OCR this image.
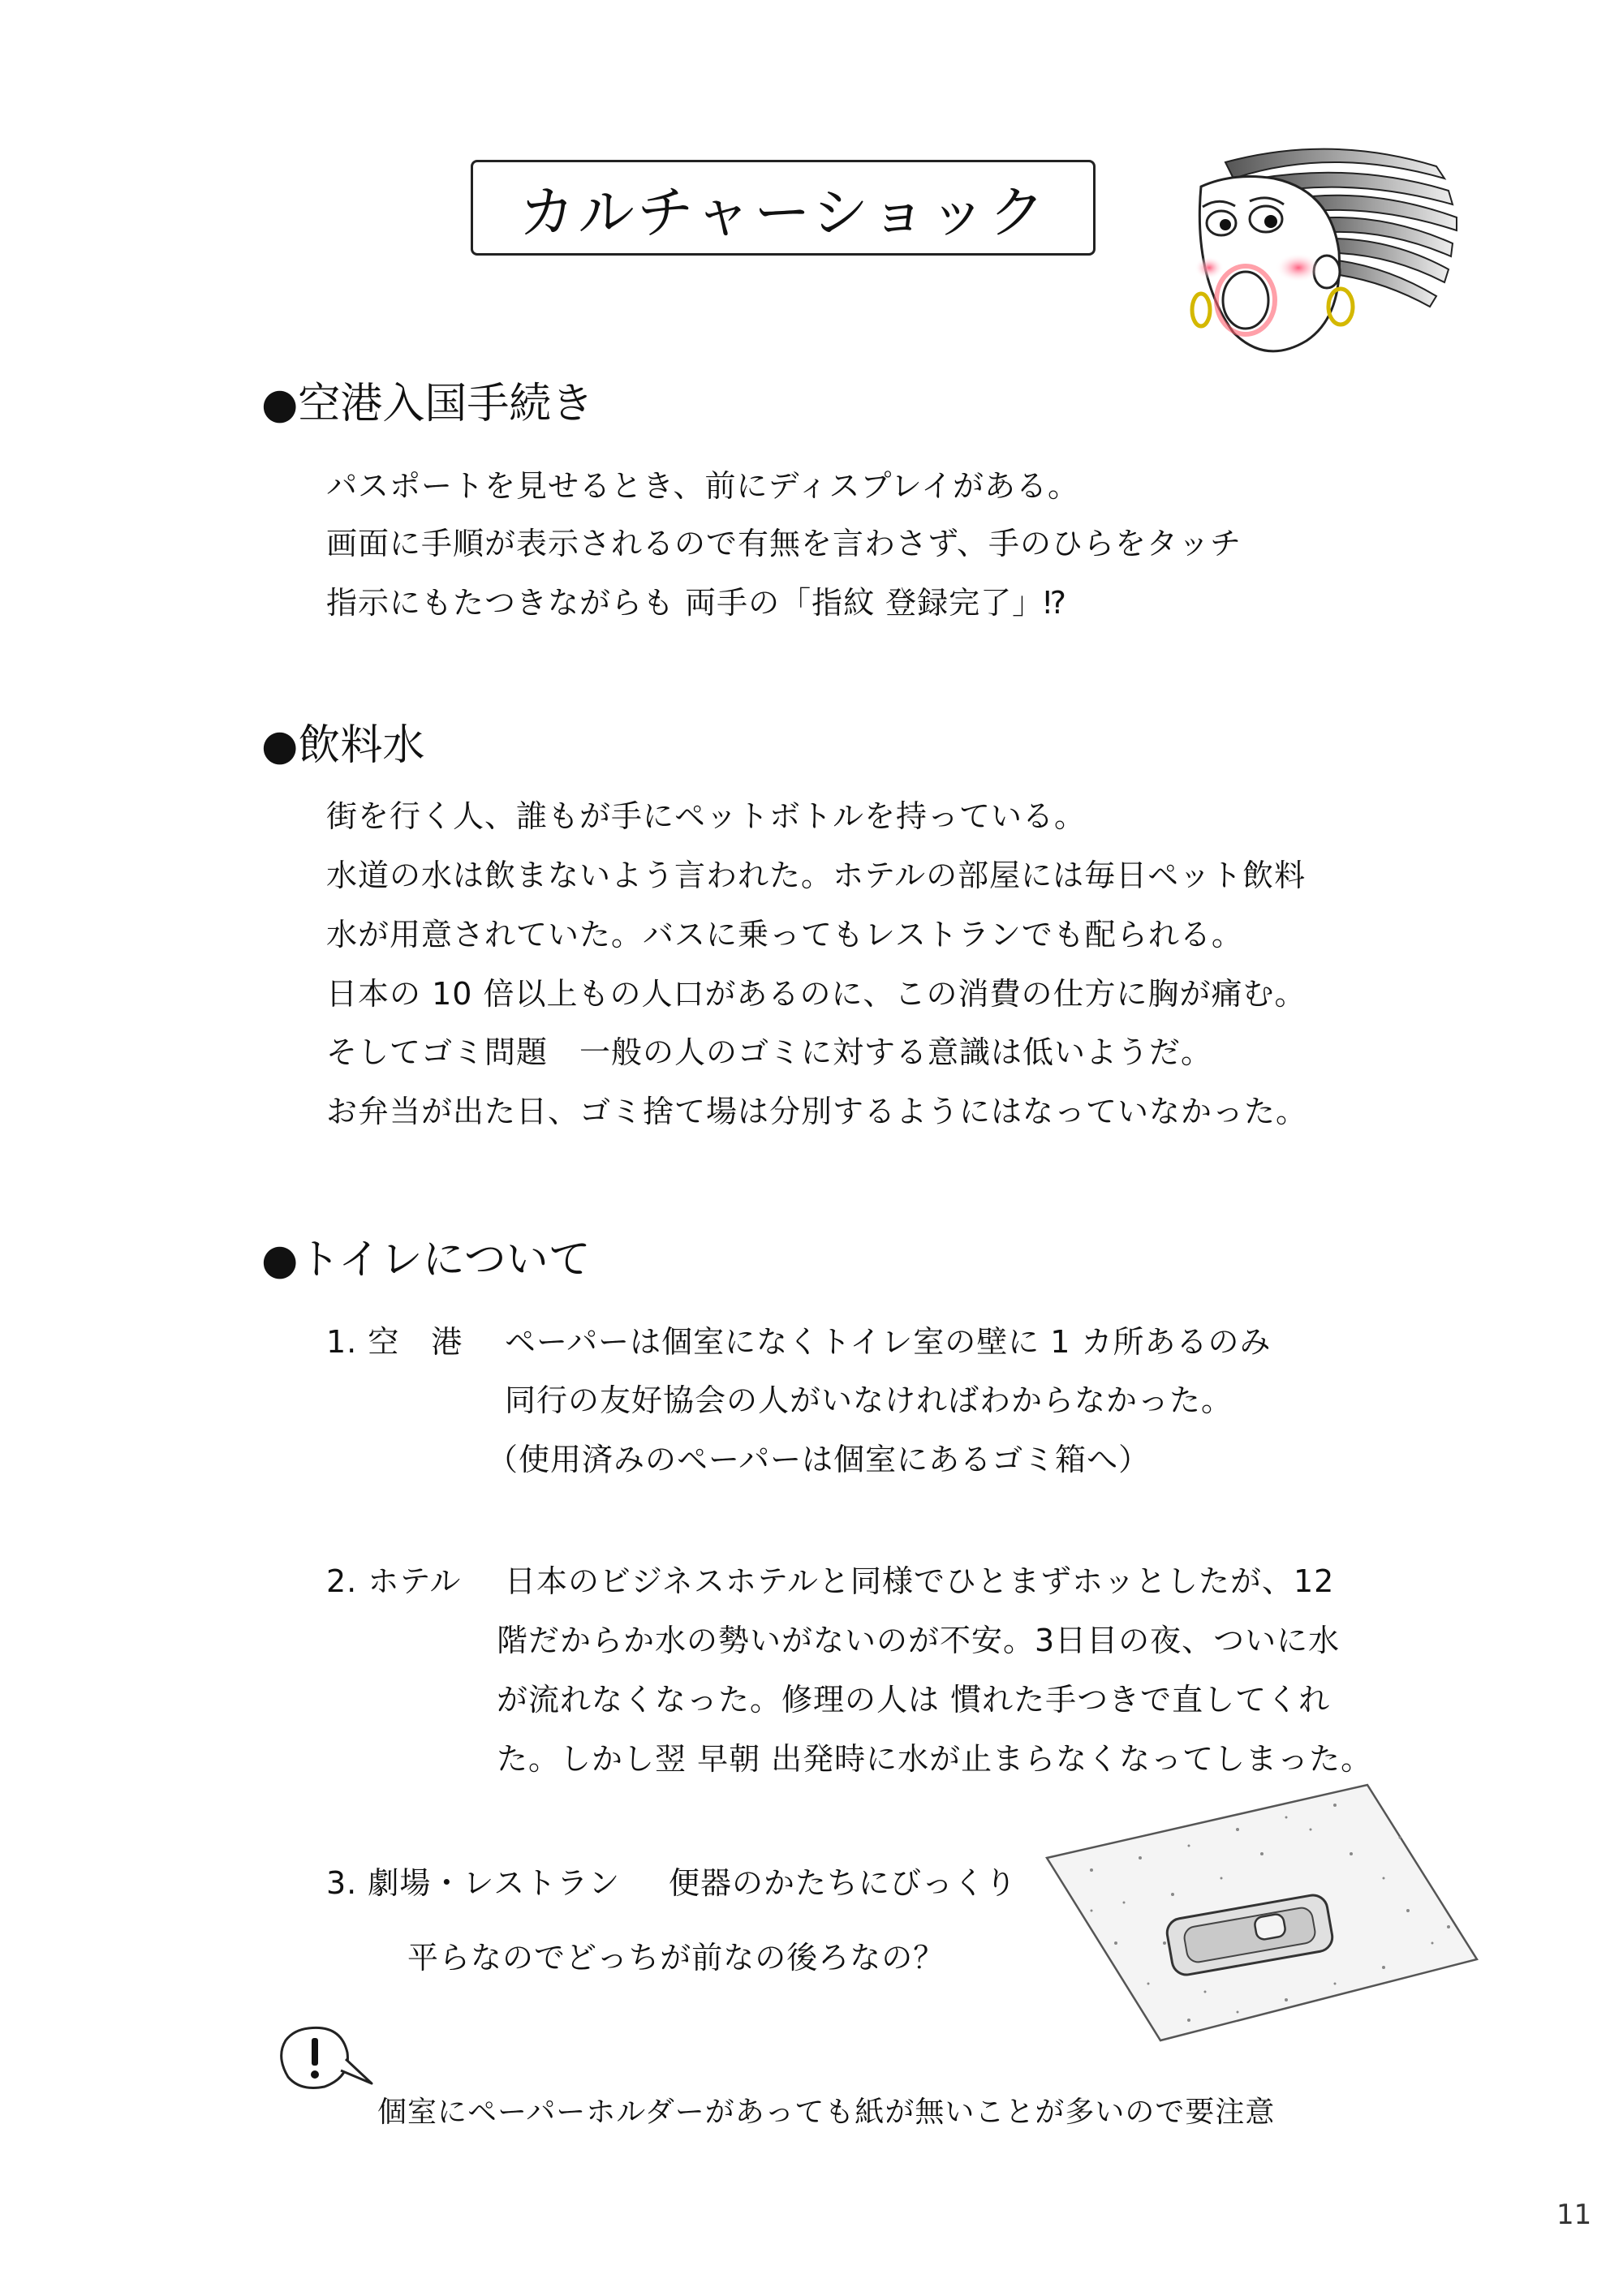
カルチャーショック
●空港入国手続き
パスポートを見せるとき、前にディスプレイがある。
画面に手順が表示されるので有無を言わさず、手のひらをタッチ
指示にもたつきながらも 両手の「指紋 登録完了」⁉
●飲料水
街を行く人、誰もが手にペットボトルを持っている。
水道の水は飲まないよう言われた。ホテルの部屋には毎日ペット飲料
水が用意されていた。バスに乗ってもレストランでも配られる。
日本の 10 倍以上もの人口があるのに、この消費の仕方に胸が痛む。
そしてゴミ問題　一般の人のゴミに対する意識は低いようだ。
お弁当が出た日、ゴミ捨て場は分別するようにはなっていなかった。
●トイレについて
1. 空　港 ペーパーは個室になくトイレ室の壁に 1 カ所あるのみ
同行の友好協会の人がいなければわからなかった。
（使用済みのペーパーは個室にあるゴミ箱へ）
2. ホテル 日本のビジネスホテルと同様でひとまずホッとしたが、12
階だからか水の勢いがないのが不安。3日目の夜、ついに水
が流れなくなった。修理の人は 慣れた手つきで直してくれ
た。しかし翌 早朝 出発時に水が止まらなくなってしまった。
3. 劇場・レストラン 便器のかたちにびっくり
平らなのでどっちが前なの後ろなの？
個室にペーパーホルダーがあっても紙が無いことが多いので要注意
11
